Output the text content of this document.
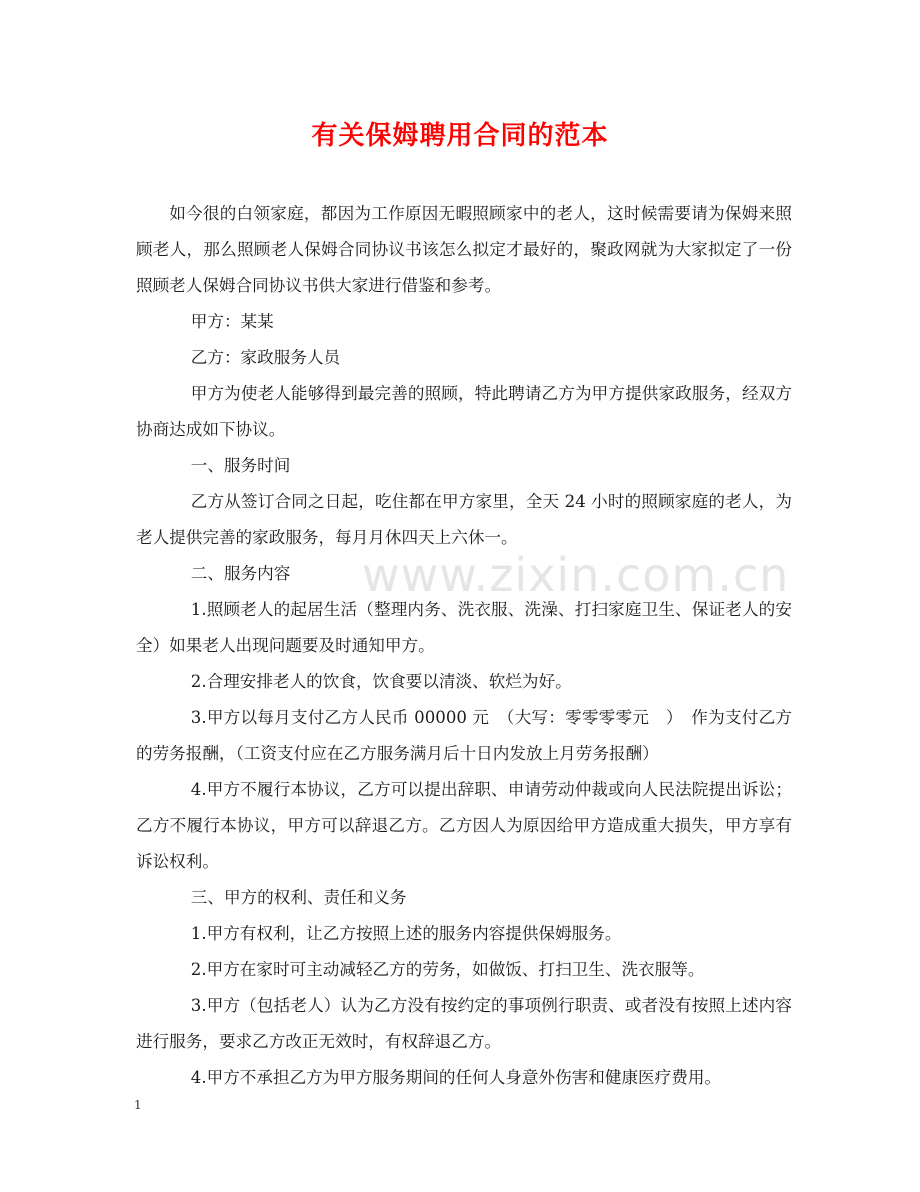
有关保姆聘用合同的范本

如今很的白领家庭，都因为工作原因无暇照顾家中的老人，这时候需要请为保姆来照顾老人，那么照顾老人保姆合同协议书该怎么拟定才最好的，聚政网就为大家拟定了一份照顾老人保姆合同协议书供大家进行借鉴和参考。

甲方：某某

乙方：家政服务人员

甲方为使老人能够得到最完善的照顾，特此聘请乙方为甲方提供家政服务，经双方协商达成如下协议。

一、服务时间

乙方从签订合同之日起，吃住都在甲方家里，全天 24 小时的照顾家庭的老人，为老人提供完善的家政服务，每月月休四天上六休一。

二、服务内容

1.照顾老人的起居生活（整理内务、洗衣服、洗澡、打扫家庭卫生、保证老人的安全）如果老人出现问题要及时通知甲方。

2.合理安排老人的饮食，饮食要以清淡、软烂为好。

3.甲方以每月支付乙方人民币 00000 元　（大写：零零零零元　）　作为支付乙方的劳务报酬，（工资支付应在乙方服务满月后十日内发放上月劳务报酬）

4.甲方不履行本协议，乙方可以提出辞职、申请劳动仲裁或向人民法院提出诉讼；乙方不履行本协议，甲方可以辞退乙方。乙方因人为原因给甲方造成重大损失，甲方享有诉讼权利。

三、甲方的权利、责任和义务

1.甲方有权利，让乙方按照上述的服务内容提供保姆服务。

2.甲方在家时可主动减轻乙方的劳务，如做饭、打扫卫生、洗衣服等。

3.甲方（包括老人）认为乙方没有按约定的事项例行职责、或者没有按照上述内容进行服务，要求乙方改正无效时，有权辞退乙方。

4.甲方不承担乙方为甲方服务期间的任何人身意外伤害和健康医疗费用。

www.zixin.com.cn
1
